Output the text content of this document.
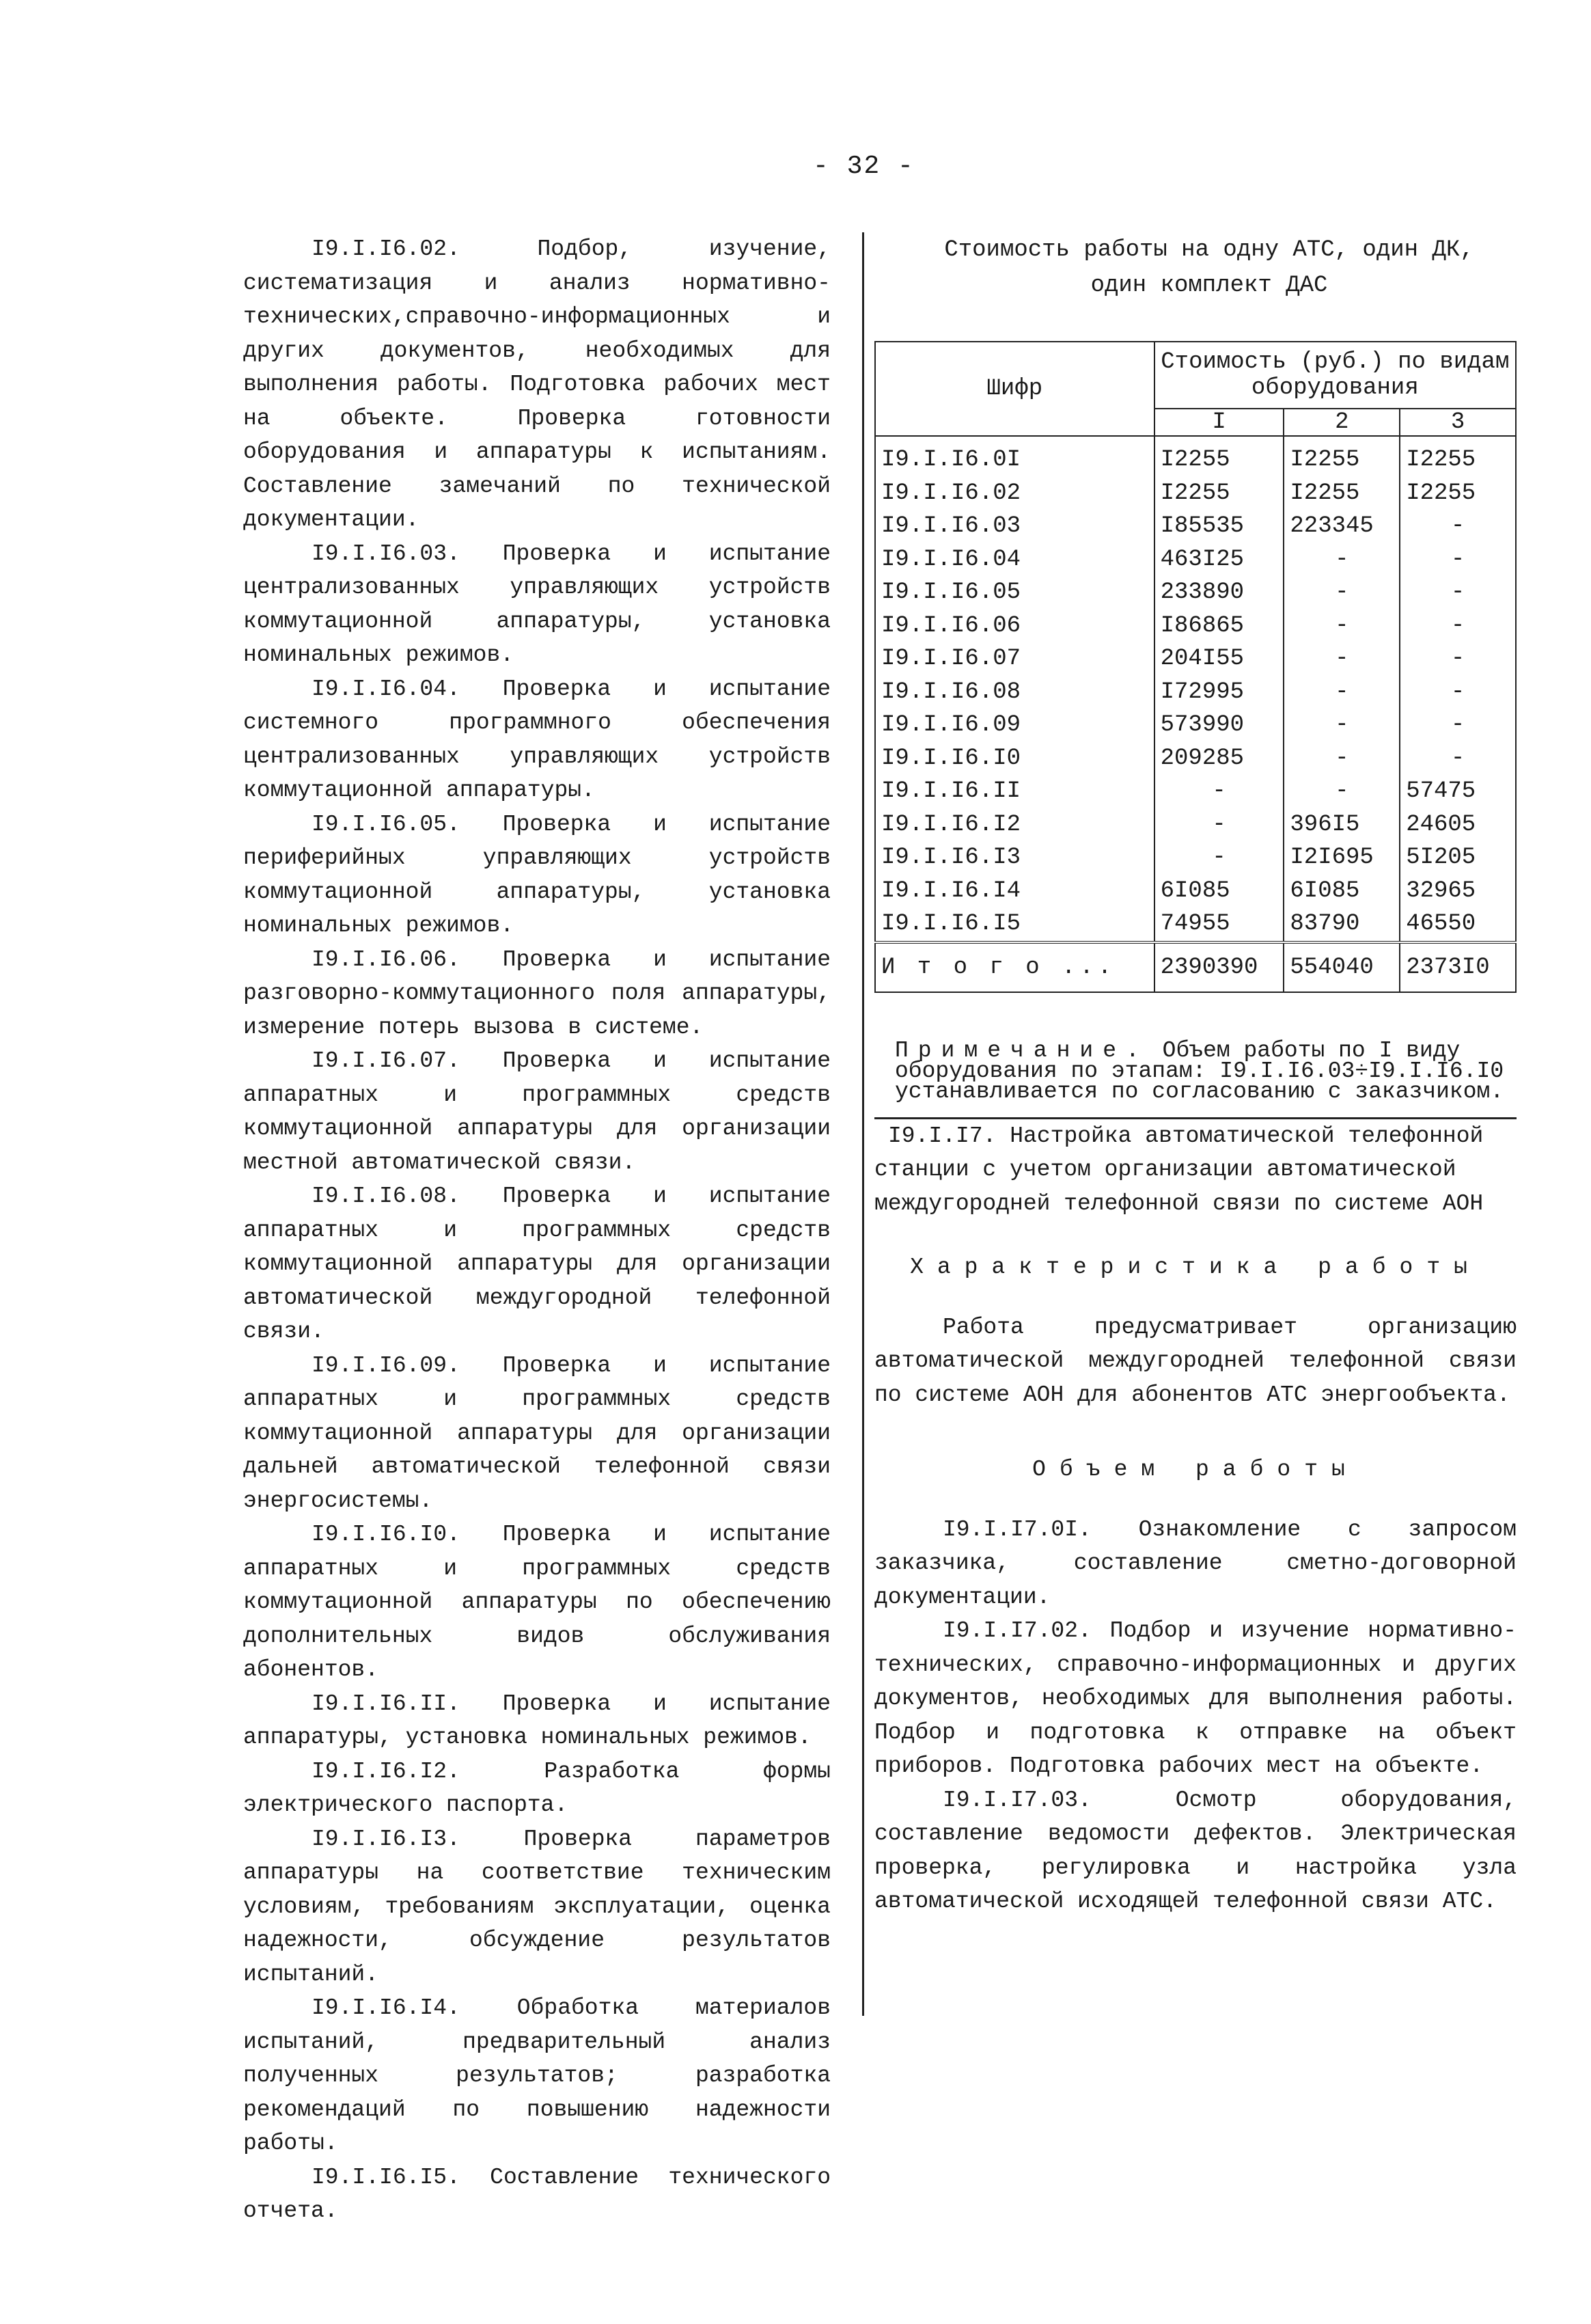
- 32 -

I9.I.I6.02. Подбор, изучение, систематизация и анализ нормативно-технических,справочно-информационных и других документов, необходимых для выполнения работы. Подготовка рабочих мест на объекте. Проверка готовности оборудования и аппаратуры к испытаниям. Составление замечаний по технической документации.

I9.I.I6.03. Проверка и испытание централизованных управляющих устройств коммутационной аппаратуры, установка номинальных режимов.

I9.I.I6.04. Проверка и испытание системного программного обеспечения централизованных управляющих устройств коммутационной аппаратуры.

I9.I.I6.05. Проверка и испытание периферийных управляющих устройств коммутационной аппаратуры, установка номинальных режимов.

I9.I.I6.06. Проверка и испытание разговорно-коммутационного поля аппаратуры, измерение потерь вызова в системе.

I9.I.I6.07. Проверка и испытание аппаратных и программных средств коммутационной аппаратуры для организации местной автоматической связи.

I9.I.I6.08. Проверка и испытание аппаратных и программных средств коммутационной аппаратуры для организации автоматической междугородной телефонной связи.

I9.I.I6.09. Проверка и испытание аппаратных и программных средств коммутационной аппаратуры для организации дальней автоматической телефонной связи энергосистемы.

I9.I.I6.I0. Проверка и испытание аппаратных и программных средств коммутационной аппаратуры по обеспечению дополнительных видов обслуживания абонентов.

I9.I.I6.II. Проверка и испытание аппаратуры, установка номинальных режимов.

I9.I.I6.I2. Разработка формы электрического паспорта.

I9.I.I6.I3. Проверка параметров аппаратуры на соответствие техническим условиям, требованиям эксплуатации, оценка надежности, обсуждение результатов испытаний.

I9.I.I6.I4. Обработка материалов испытаний, предварительный анализ полученных результатов; разработка рекомендаций по повышению надежности работы.

I9.I.I6.I5. Составление технического отчета.

Стоимость работы на одну АТС, один ДК,
один комплект ДАС
Шифр	Стоимость (руб.) по видам оборудования		
	I	2	3
I9.I.I6.0I	I2255	I2255	I2255
I9.I.I6.02	I2255	I2255	I2255
I9.I.I6.03	I85535	223345	-
I9.I.I6.04	463I25	-	-
I9.I.I6.05	233890	-	-
I9.I.I6.06	I86865	-	-
I9.I.I6.07	204I55	-	-
I9.I.I6.08	I72995	-	-
I9.I.I6.09	573990	-	-
I9.I.I6.I0	209285	-	-
I9.I.I6.II	-	-	57475
I9.I.I6.I2	-	396I5	24605
I9.I.I6.I3	-	I2I695	5I205
I9.I.I6.I4	6I085	6I085	32965
I9.I.I6.I5	74955	83790	46550
И т о г о ...	2390390	554040	2373I0
Примечание. Объем работы по I виду оборудования по этапам: I9.I.I6.03÷I9.I.I6.I0 устанавливается по согласованию с заказчиком.

I9.I.I7. Настройка автоматической телефонной станции с учетом организации автоматической междугородней телефонной связи по системе АОН

Характеристика работы

Работа предусматривает организацию автоматической междугородней телефонной связи по системе АОН для абонентов АТС энергообъекта.

Объем работы

I9.I.I7.0I. Ознакомление с запросом заказчика, составление сметно-договорной документации.

I9.I.I7.02. Подбор и изучение нормативно-технических, справочно-информационных и других документов, необходимых для выполнения работы. Подбор и подготовка к отправке на объект приборов. Подготовка рабочих мест на объекте.

I9.I.I7.03. Осмотр оборудования, составление ведомости дефектов. Электрическая проверка, регулировка и настройка узла автоматической исходящей телефонной связи АТС.
